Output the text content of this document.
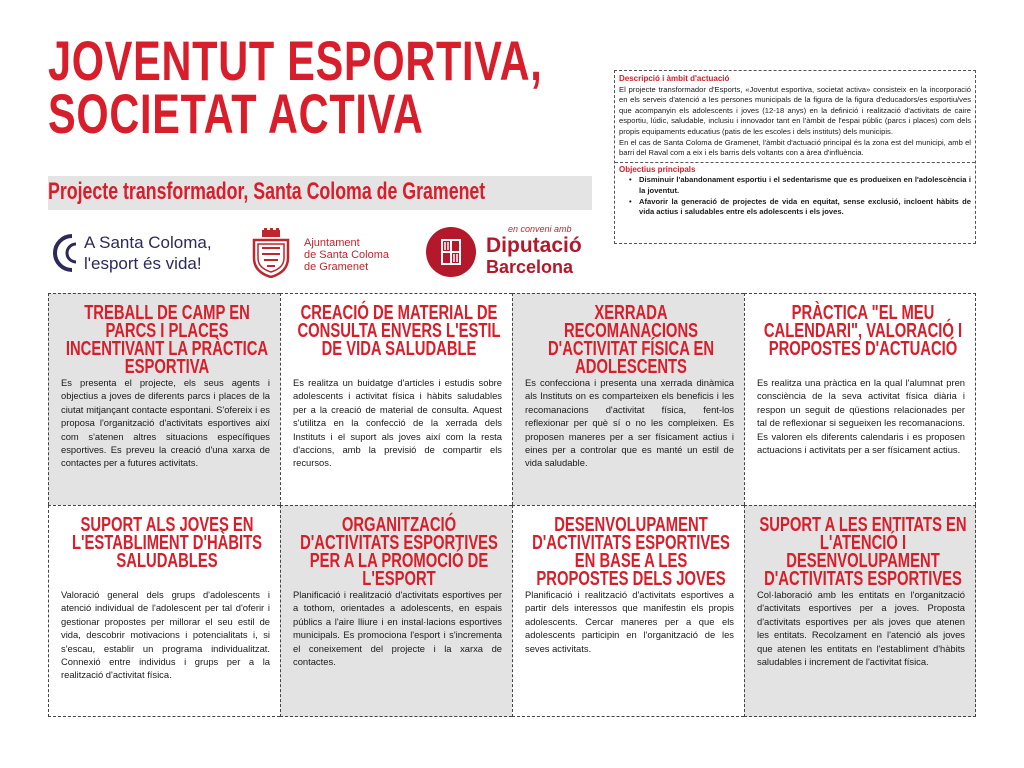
JOVENTUT ESPORTIVA,
SOCIETAT ACTIVA
Projecte transformador, Santa Coloma de Gramenet
A Santa Coloma,
l'esport és vida!
Ajuntament
de Santa Coloma
de Gramenet
en conveni amb
Diputació
Barcelona
Descripció i àmbit d'actuació

El projecte transformador d'Esports, «Joventut esportiva, societat activa» consisteix en la incorporació en els serveis d'atenció a les persones municipals de la figura de la figura d'educadors/es esportiu/ves que acompanyin els adolescents i joves (12-18 anys) en la definició i realització d'activitats de caire esportiu, lúdic, saludable, inclusiu i innovador tant en l'àmbit de l'espai públic (parcs i places) com dels propis equipaments educatius (patis de les escoles i dels instituts) dels municipis.

En el cas de Santa Coloma de Gramenet, l'àmbit d'actuació principal és la zona est del municipi, amb el barri del Raval com a eix i els barris dels voltants con a àrea d'influència.

Objectius principals
• Disminuir l'abandonament esportiu i el sedentarisme que es produeixen en l'adolescència i la joventut.
• Afavorir la generació de projectes de vida en equitat, sense exclusió, incloent hàbits de vida actius i saludables entre els adolescents i els joves.
TREBALL DE CAMP EN PARCS I PLACES INCENTIVANT LA PRÀCTICA ESPORTIVA
Es presenta el projecte, els seus agents i objectius a joves de diferents parcs i places de la ciutat mitjançant contacte espontani. S'ofereix i es proposa l'organització d'activitats esportives així com s'atenen altres situacions específiques esportives. Es preveu la creació d'una xarxa de contactes per a futures activitats.
CREACIÓ DE MATERIAL DE CONSULTA ENVERS L'ESTIL DE VIDA SALUDABLE
Es realitza un buidatge d'articles i estudis sobre adolescents i activitat física i hàbits saludables per a la creació de material de consulta. Aquest s'utilitza en la confecció de la xerrada dels Instituts i el suport als joves així com la resta d'accions, amb la previsió de compartir els recursos.
XERRADA RECOMANACIONS D'ACTIVITAT FÍSICA EN ADOLESCENTS
Es confecciona i presenta una xerrada dinàmica als Instituts on es comparteixen els beneficis i les recomanacions d'activitat física, fent-los reflexionar per què sí o no les compleixen. Es proposen maneres per a ser físicament actius i eines per a controlar que es manté un estil de vida saludable.
PRÀCTICA "EL MEU CALENDARI", VALORACIÓ I PROPOSTES D'ACTUACIÓ
Es realitza una pràctica en la qual l'alumnat pren consciència de la seva activitat física diària i respon un seguit de qüestions relacionades per tal de reflexionar si segueixen les recomanacions. Es valoren els diferents calendaris i es proposen actuacions i activitats per a ser físicament actius.
SUPORT ALS JOVES EN L'ESTABLIMENT D'HÀBITS SALUDABLES
Valoració general dels grups d'adolescents i atenció individual de l'adolescent per tal d'oferir i gestionar propostes per millorar el seu estil de vida, descobrir motivacions i potencialitats i, si s'escau, establir un programa individualitzat. Connexió entre individus i grups per a la realització d'activitat física.
ORGANITZACIÓ D'ACTIVITATS ESPORTIVES PER A LA PROMOCIÓ DE L'ESPORT
Planificació i realització d'activitats esportives per a tothom, orientades a adolescents, en espais públics a l'aire lliure i en instal·lacions esportives municipals. Es promociona l'esport i s'incrementa el coneixement del projecte i la xarxa de contactes.
DESENVOLUPAMENT D'ACTIVITATS ESPORTIVES EN BASE A LES PROPOSTES DELS JOVES
Planificació i realització d'activitats esportives a partir dels interessos que manifestin els propis adolescents. Cercar maneres per a que els adolescents participin en l'organització de les seves activitats.
SUPORT A LES ENTITATS EN L'ATENCIÓ I DESENVOLUPAMENT D'ACTIVITATS ESPORTIVES
Col·laboració amb les entitats en l'organització d'activitats esportives per a joves. Proposta d'activitats esportives per als joves que atenen les entitats. Recolzament en l'atenció als joves que atenen les entitats en l'establiment d'hàbits saludables i increment de l'activitat física.
